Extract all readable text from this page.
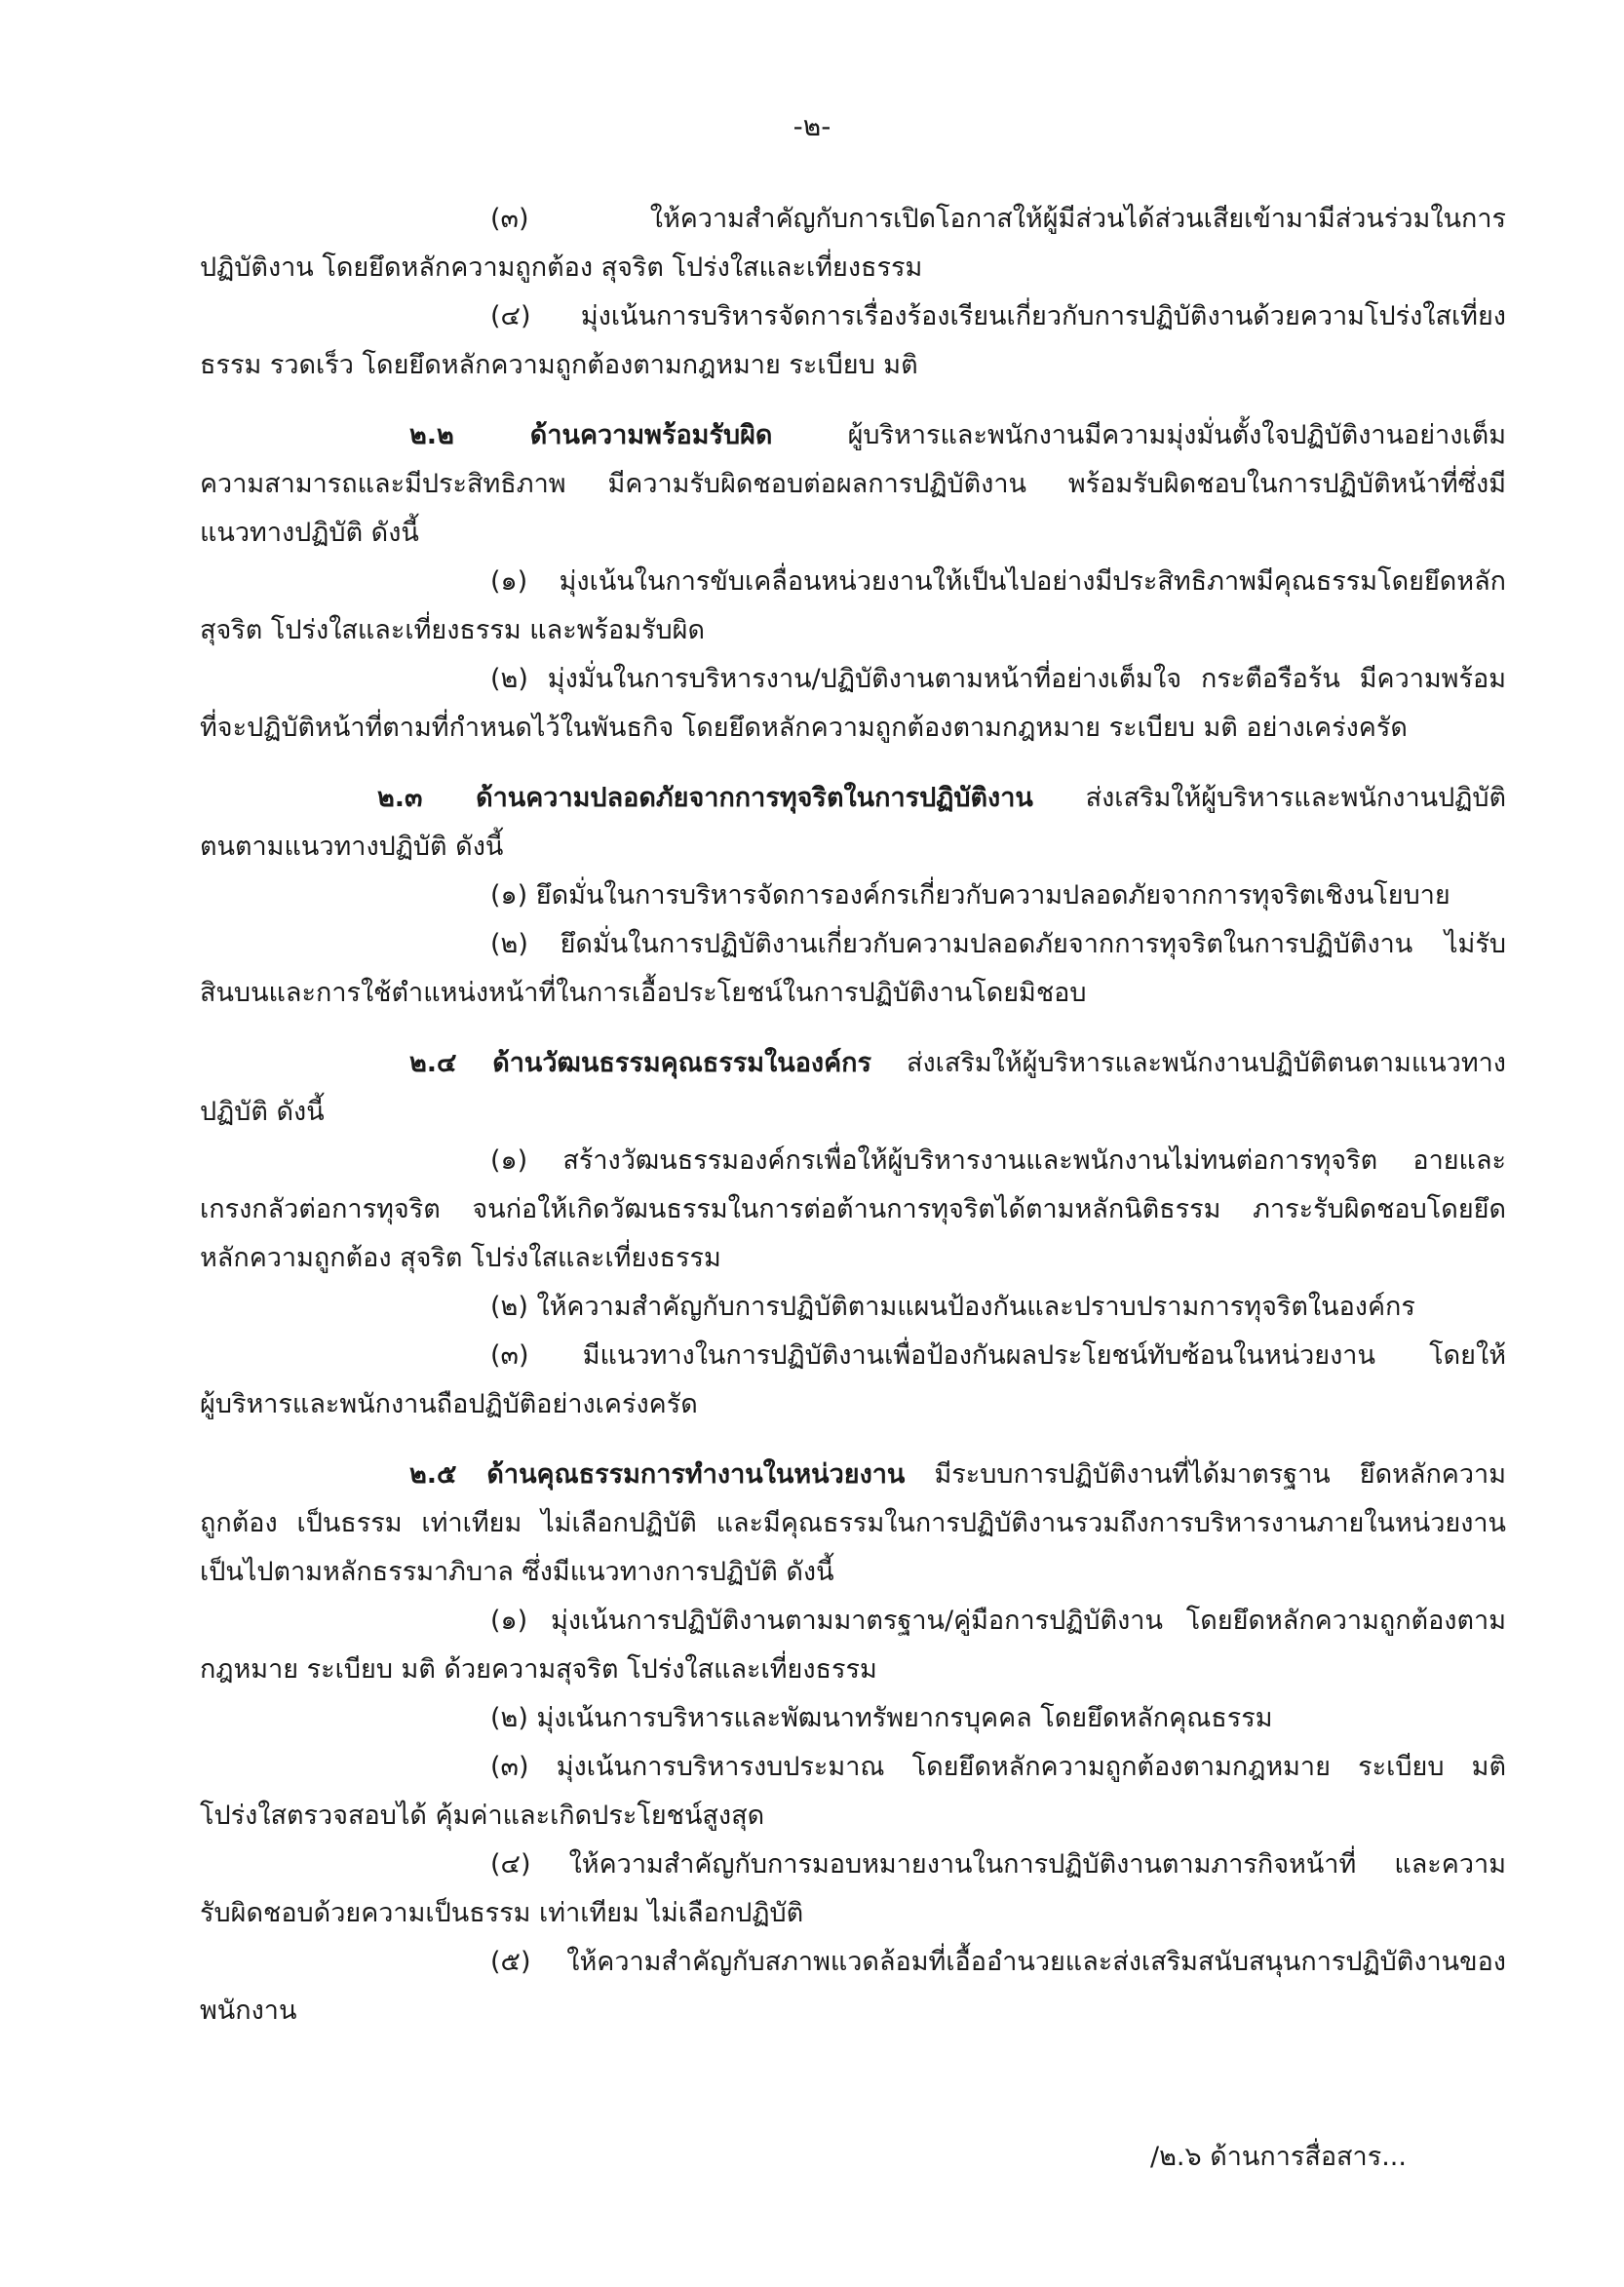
-๒-
(๓) ให้ความสำคัญกับการเปิดโอกาสให้ผู้มีส่วนได้ส่วนเสียเข้ามามีส่วนร่วมในการ
ปฏิบัติงาน โดยยึดหลักความถูกต้อง สุจริต โปร่งใสและเที่ยงธรรม
(๔) มุ่งเน้นการบริหารจัดการเรื่องร้องเรียนเกี่ยวกับการปฏิบัติงานด้วยความโปร่งใสเที่ยง
ธรรม รวดเร็ว โดยยึดหลักความถูกต้องตามกฎหมาย ระเบียบ มติ
๒.๒ ด้านความพร้อมรับผิด ผู้บริหารและพนักงานมีความมุ่งมั่นตั้งใจปฏิบัติงานอย่างเต็ม
ความสามารถและมีประสิทธิภาพ มีความรับผิดชอบต่อผลการปฏิบัติงาน พร้อมรับผิดชอบในการปฏิบัติหน้าที่ซึ่งมี
แนวทางปฏิบัติ ดังนี้
(๑) มุ่งเน้นในการขับเคลื่อนหน่วยงานให้เป็นไปอย่างมีประสิทธิภาพมีคุณธรรมโดยยึดหลัก
สุจริต โปร่งใสและเที่ยงธรรม และพร้อมรับผิด
(๒) มุ่งมั่นในการบริหารงาน/ปฏิบัติงานตามหน้าที่อย่างเต็มใจ กระตือรือร้น มีความพร้อม
ที่จะปฏิบัติหน้าที่ตามที่กำหนดไว้ในพันธกิจ โดยยึดหลักความถูกต้องตามกฎหมาย ระเบียบ มติ อย่างเคร่งครัด
๒.๓ ด้านความปลอดภัยจากการทุจริตในการปฏิบัติงาน ส่งเสริมให้ผู้บริหารและพนักงานปฏิบัติ
ตนตามแนวทางปฏิบัติ ดังนี้
(๑) ยึดมั่นในการบริหารจัดการองค์กรเกี่ยวกับความปลอดภัยจากการทุจริตเชิงนโยบาย
(๒) ยึดมั่นในการปฏิบัติงานเกี่ยวกับความปลอดภัยจากการทุจริตในการปฏิบัติงาน ไม่รับ
สินบนและการใช้ตำแหน่งหน้าที่ในการเอื้อประโยชน์ในการปฏิบัติงานโดยมิชอบ
๒.๔ ด้านวัฒนธรรมคุณธรรมในองค์กร ส่งเสริมให้ผู้บริหารและพนักงานปฏิบัติตนตามแนวทาง
ปฏิบัติ ดังนี้
(๑) สร้างวัฒนธรรมองค์กรเพื่อให้ผู้บริหารงานและพนักงานไม่ทนต่อการทุจริต อายและ
เกรงกลัวต่อการทุจริต จนก่อให้เกิดวัฒนธรรมในการต่อต้านการทุจริตได้ตามหลักนิติธรรม ภาระรับผิดชอบโดยยึด
หลักความถูกต้อง สุจริต โปร่งใสและเที่ยงธรรม
(๒) ให้ความสำคัญกับการปฏิบัติตามแผนป้องกันและปราบปรามการทุจริตในองค์กร
(๓) มีแนวทางในการปฏิบัติงานเพื่อป้องกันผลประโยชน์ทับซ้อนในหน่วยงาน โดยให้
ผู้บริหารและพนักงานถือปฏิบัติอย่างเคร่งครัด
๒.๕ ด้านคุณธรรมการทำงานในหน่วยงาน มีระบบการปฏิบัติงานที่ได้มาตรฐาน ยึดหลักความ
ถูกต้อง เป็นธรรม เท่าเทียม ไม่เลือกปฏิบัติ และมีคุณธรรมในการปฏิบัติงานรวมถึงการบริหารงานภายในหน่วยงาน
เป็นไปตามหลักธรรมาภิบาล ซึ่งมีแนวทางการปฏิบัติ ดังนี้
(๑) มุ่งเน้นการปฏิบัติงานตามมาตรฐาน/คู่มือการปฏิบัติงาน โดยยึดหลักความถูกต้องตาม
กฎหมาย ระเบียบ มติ ด้วยความสุจริต โปร่งใสและเที่ยงธรรม
(๒) มุ่งเน้นการบริหารและพัฒนาทรัพยากรบุคคล โดยยึดหลักคุณธรรม
(๓) มุ่งเน้นการบริหารงบประมาณ โดยยึดหลักความถูกต้องตามกฎหมาย ระเบียบ มติ
โปร่งใสตรวจสอบได้ คุ้มค่าและเกิดประโยชน์สูงสุด
(๔) ให้ความสำคัญกับการมอบหมายงานในการปฏิบัติงานตามภารกิจหน้าที่ และความ
รับผิดชอบด้วยความเป็นธรรม เท่าเทียม ไม่เลือกปฏิบัติ
(๕) ให้ความสำคัญกับสภาพแวดล้อมที่เอื้ออำนวยและส่งเสริมสนับสนุนการปฏิบัติงานของ
พนักงาน
/๒.๖ ด้านการสื่อสาร...
